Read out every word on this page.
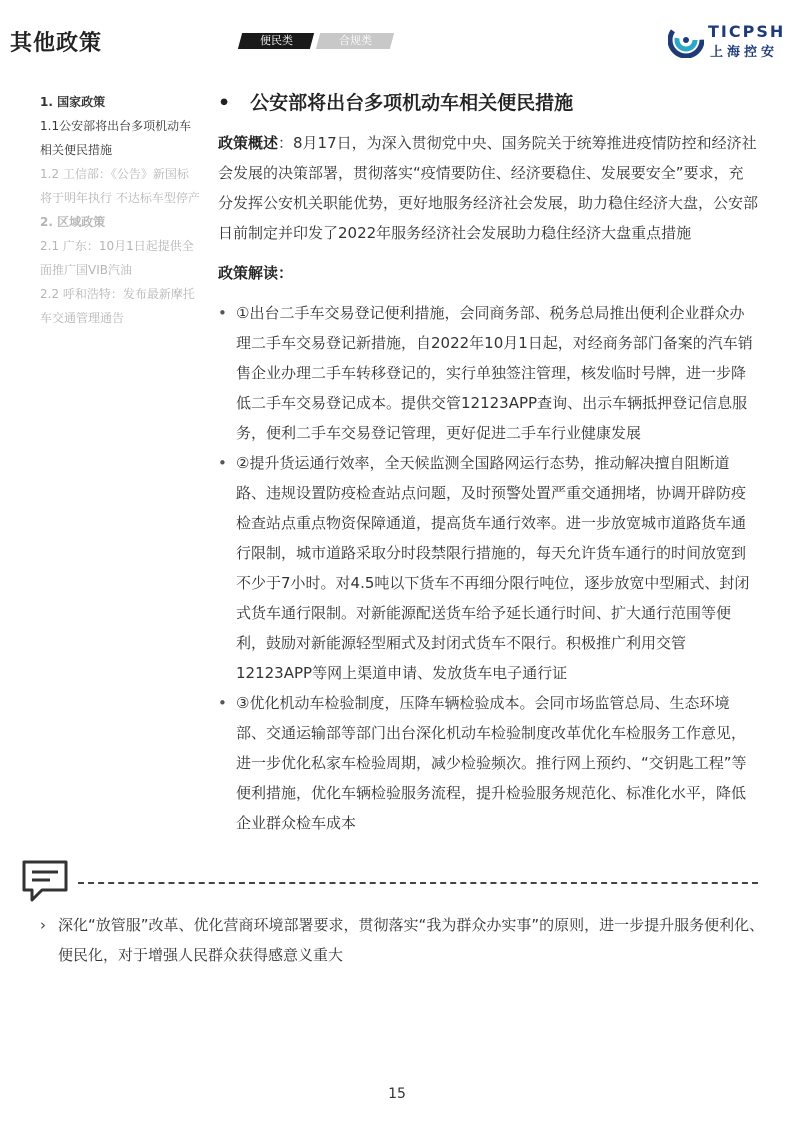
其他政策	便民类	合规类	TICPSH
上海控安
1. 国家政策
1.1公安部将出台多项机动车相关便民措施
1.2 工信部：《公告》新国标将于明年执行 不达标车型停产
2. 区域政策
2.1 广东：10月1日起提供全面推广国VIB汽油
2.2 呼和浩特：发布最新摩托车交通管理通告
• 公安部将出台多项机动车相关便民措施

政策概述：8月17日，为深入贯彻党中央、国务院关于统筹推进疫情防控和经济社会发展的决策部署，贯彻落实“疫情要防住、经济要稳住、发展要安全”要求，充分发挥公安机关职能优势，更好地服务经济社会发展，助力稳住经济大盘，公安部日前制定并印发了2022年服务经济社会发展助力稳住经济大盘重点措施

政策解读：
• ①出台二手车交易登记便利措施，会同商务部、税务总局推出便利企业群众办理二手车交易登记新措施，自2022年10月1日起，对经商务部门备案的汽车销售企业办理二手车转移登记的，实行单独签注管理，核发临时号牌，进一步降低二手车交易登记成本。提供交管12123APP查询、出示车辆抵押登记信息服务，便利二手车交易登记管理，更好促进二手车行业健康发展
• ②提升货运通行效率，全天候监测全国路网运行态势，推动解决擅自阻断道路、违规设置防疫检查站点问题，及时预警处置严重交通拥堵，协调开辟防疫检查站点重点物资保障通道，提高货车通行效率。进一步放宽城市道路货车通行限制，城市道路采取分时段禁限行措施的，每天允许货车通行的时间放宽到不少于7小时。对4.5吨以下货车不再细分限行吨位，逐步放宽中型厢式、封闭式货车通行限制。对新能源配送货车给予延长通行时间、扩大通行范围等便利，鼓励对新能源轻型厢式及封闭式货车不限行。积极推广利用交管12123APP等网上渠道申请、发放货车电子通行证
• ③优化机动车检验制度，压降车辆检验成本。会同市场监管总局、生态环境部、交通运输部等部门出台深化机动车检验制度改革优化车检服务工作意见，进一步优化私家车检验周期，减少检验频次。推行网上预约、“交钥匙工程”等便利措施，优化车辆检验服务流程，提升检验服务规范化、标准化水平，降低企业群众检车成本
› 深化“放管服”改革、优化营商环境部署要求，贯彻落实“我为群众办实事”的原则，进一步提升服务便利化、便民化，对于增强人民群众获得感意义重大
15
